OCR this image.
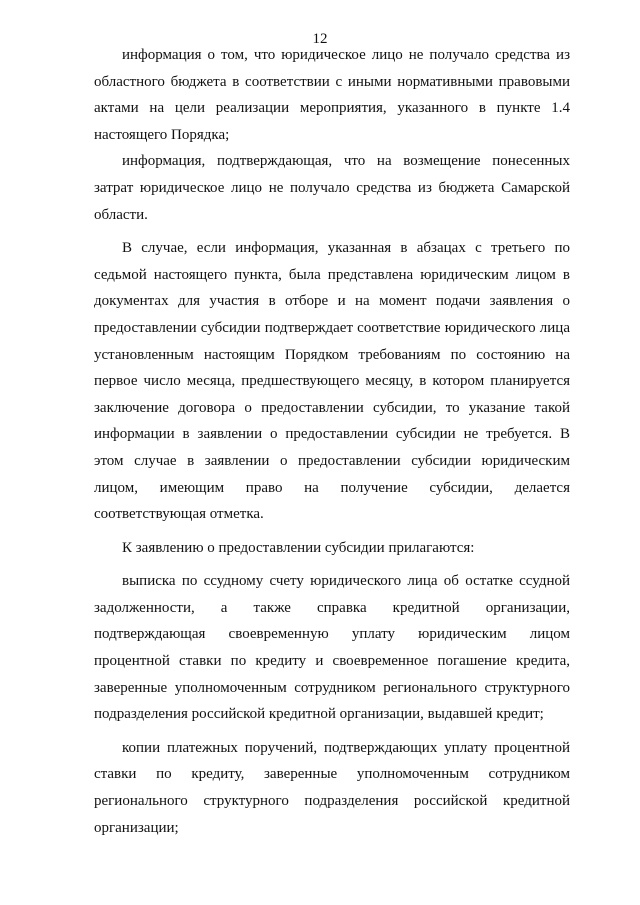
12

информация о том, что юридическое лицо не получало средства из областного бюджета в соответствии с иными нормативными правовыми актами на цели реализации мероприятия, указанного в пункте 1.4 настоящего Порядка;

информация, подтверждающая, что на возмещение понесенных затрат юридическое лицо не получало средства из бюджета Самарской области.

В случае, если информация, указанная в абзацах с третьего по седьмой настоящего пункта, была представлена юридическим лицом в документах для участия в отборе и на момент подачи заявления о предоставлении субсидии подтверждает соответствие юридического лица установленным настоящим Порядком требованиям по состоянию на первое число месяца, предшествующего месяцу, в котором планируется заключение договора о предоставлении субсидии, то указание такой информации в заявлении о предоставлении субсидии не требуется. В этом случае в заявлении о предоставлении субсидии юридическим лицом, имеющим право на получение субсидии, делается соответствующая отметка.

К заявлению о предоставлении субсидии прилагаются:

выписка по ссудному счету юридического лица об остатке ссудной задолженности, а также справка кредитной организации, подтверждающая своевременную уплату юридическим лицом процентной ставки по кредиту и своевременное погашение кредита, заверенные уполномоченным сотрудником регионального структурного подразделения российской кредитной организации, выдавшей кредит;

копии платежных поручений, подтверждающих уплату процентной ставки по кредиту, заверенные уполномоченным сотрудником регионального структурного подразделения российской кредитной организации;
